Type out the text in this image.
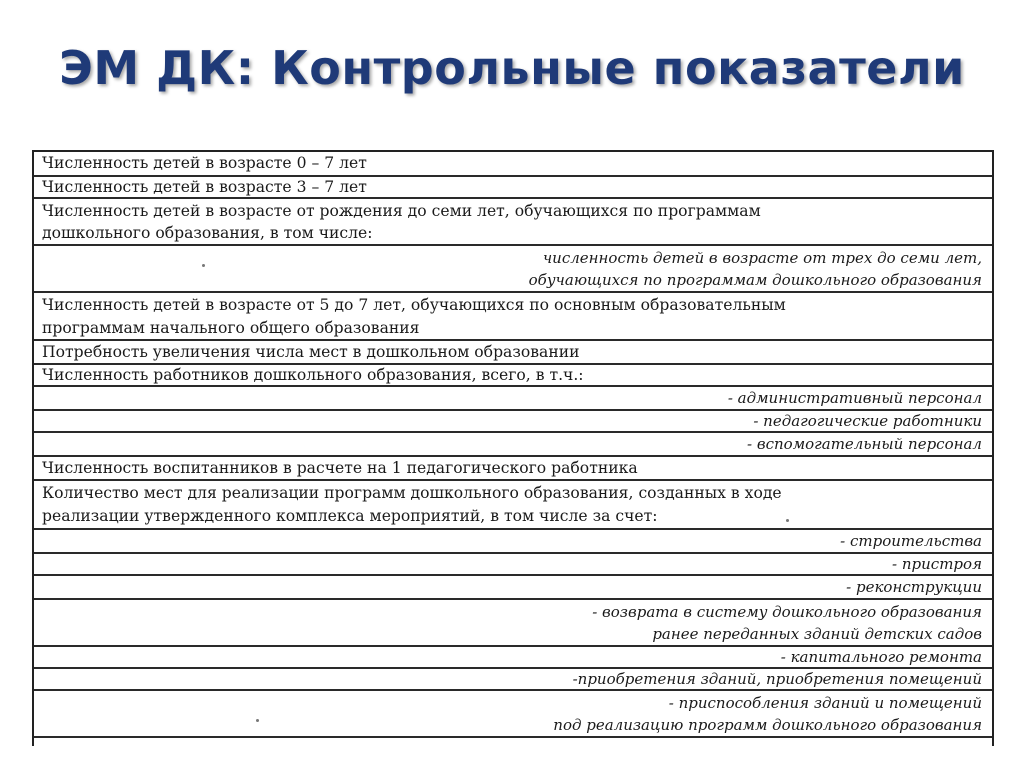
ЭМ ДК: Контрольные показатели
Численность детей в возрасте 0 – 7 лет
Численность детей в возрасте 3 – 7 лет
Численность детей в возрасте от рождения до семи лет, обучающихся по программам
дошкольного образования, в том числе:
численность детей в возрасте от трех до семи лет,
обучающихся по программам дошкольного образования
Численность детей в возрасте от 5 до 7 лет, обучающихся по основным образовательным
программам начального общего образования
Потребность увеличения числа мест в дошкольном образовании
Численность работников дошкольного образования, всего, в т.ч.:
- административный персонал
- педагогические работники
- вспомогательный персонал
Численность воспитанников в расчете на 1 педагогического работника
Количество мест для реализации программ дошкольного образования, созданных в ходе
реализации утвержденного комплекса мероприятий, в том числе за счет:
- строительства
- пристроя
- реконструкции
- возврата в систему дошкольного образования
ранее переданных зданий детских садов
- капитального ремонта
-приобретения зданий, приобретения помещений
- приспособления зданий и помещений
под реализацию программ дошкольного образования
